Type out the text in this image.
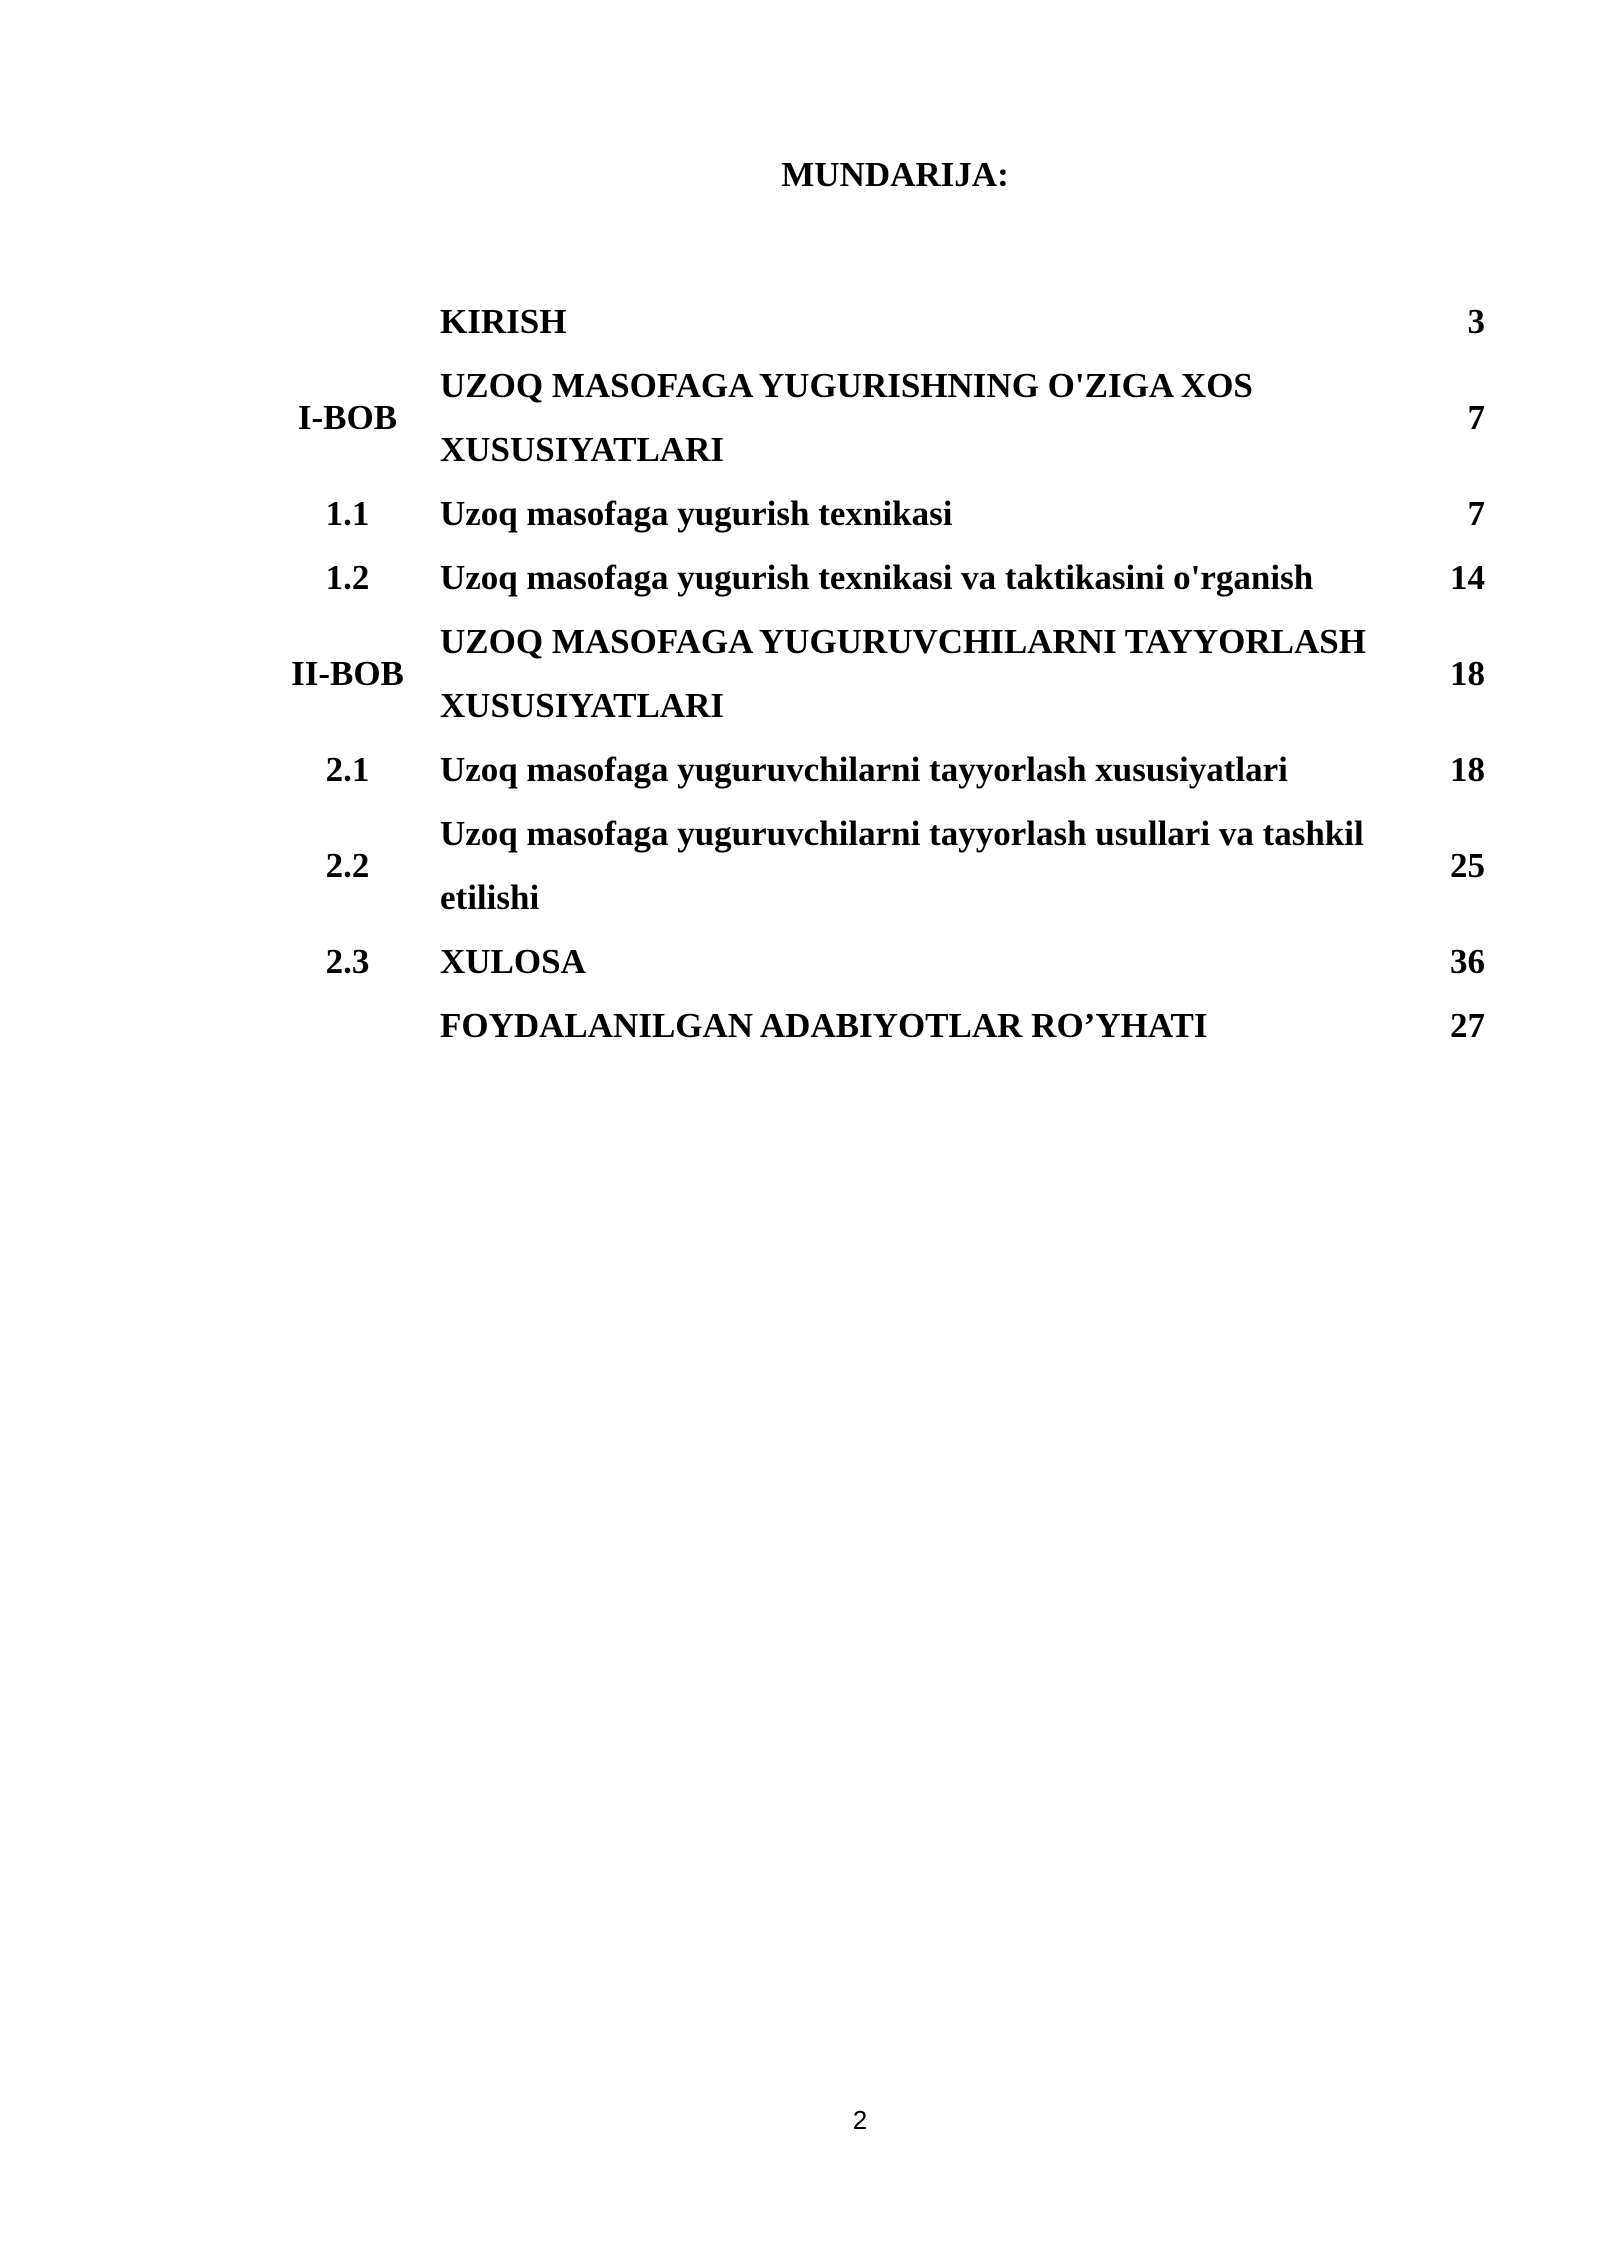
MUNDARIJA:
	KIRISH	3
I-BOB	UZOQ MASOFAGA YUGURISHNING O'ZIGA XOS XUSUSIYATLARI	7
1.1	Uzoq masofaga yugurish texnikasi	7
1.2	Uzoq masofaga yugurish texnikasi va taktikasini o'rganish	14
II-BOB	UZOQ MASOFAGA YUGURUVCHILARNI TAYYORLASH XUSUSIYATLARI	18
2.1	Uzoq masofaga yuguruvchilarni tayyorlash xususiyatlari	18
2.2	Uzoq masofaga yuguruvchilarni tayyorlash usullari va tashkil etilishi	25
2.3	XULOSA	36
	FOYDALANILGAN ADABIYOTLAR RO’YHATI	27
2
